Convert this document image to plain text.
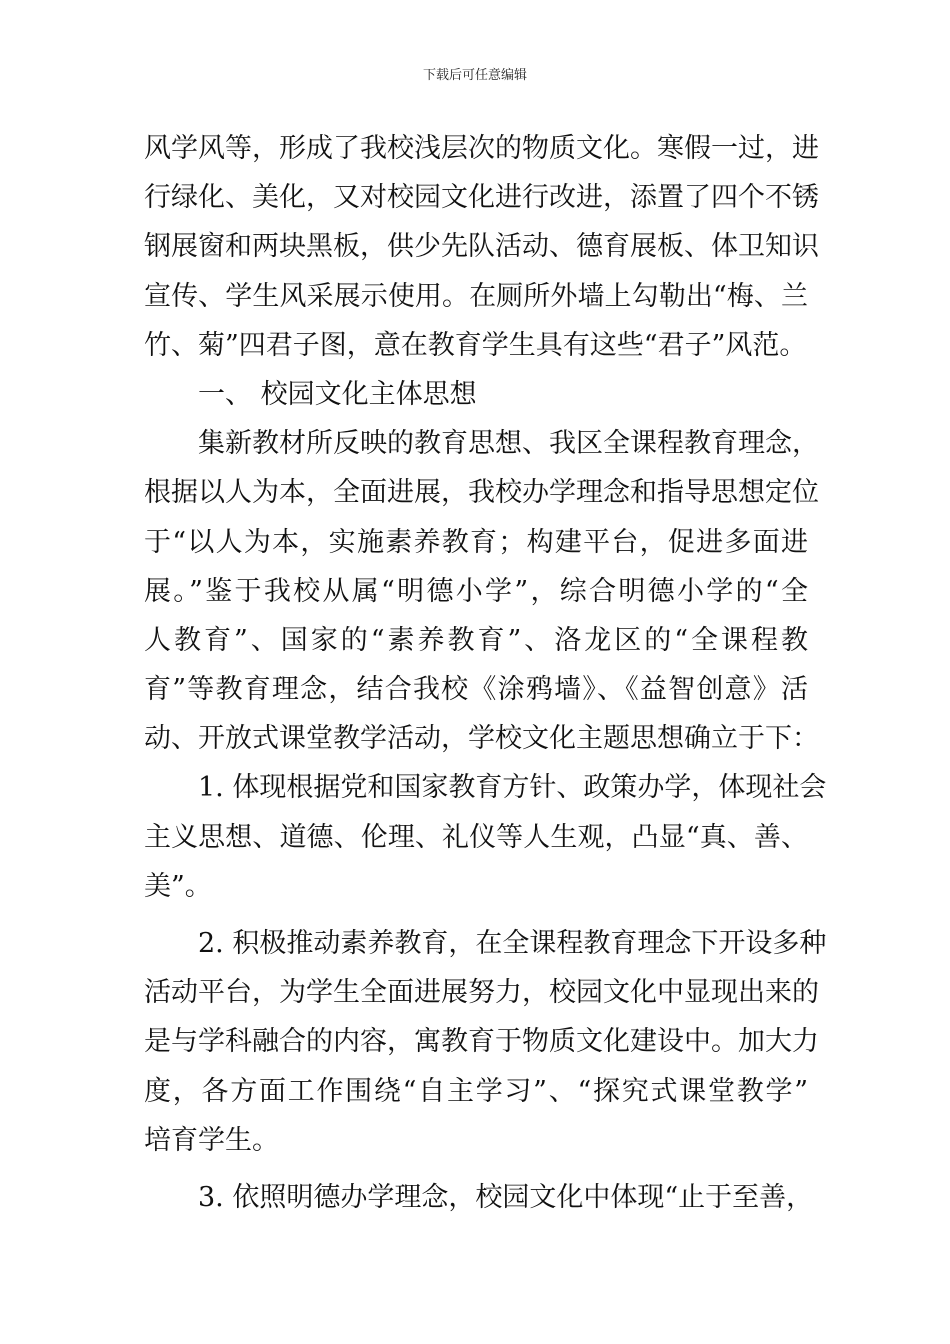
下载后可任意编辑
风学风等，形成了我校浅层次的物质文化。寒假一过，进
行绿化、美化，又对校园文化进行改进，添置了四个不锈
钢展窗和两块黑板，供少先队活动、德育展板、体卫知识
宣传、学生风采展示使用。在厕所外墙上勾勒出“梅、兰
竹、菊”四君子图，意在教育学生具有这些“君子”风范。
一、 校园文化主体思想
集新教材所反映的教育思想、我区全课程教育理念，
根据以人为本，全面进展，我校办学理念和指导思想定位
于“以人为本，实施素养教育；构建平台，促进多面进
展。”鉴于我校从属“明德小学”，综合明德小学的“全
人教育”、国家的“素养教育”、洛龙区的“全课程教
育”等教育理念，结合我校《涂鸦墙》、《益智创意》活
动、开放式课堂教学活动，学校文化主题思想确立于下：
1. 体现根据党和国家教育方针、政策办学，体现社会
主义思想、道德、伦理、礼仪等人生观，凸显“真、善、
美”。
2. 积极推动素养教育，在全课程教育理念下开设多种
活动平台，为学生全面进展努力，校园文化中显现出来的
是与学科融合的内容，寓教育于物质文化建设中。加大力
度，各方面工作围绕“自主学习”、“探究式课堂教学”
培育学生。
3. 依照明德办学理念，校园文化中体现“止于至善，
